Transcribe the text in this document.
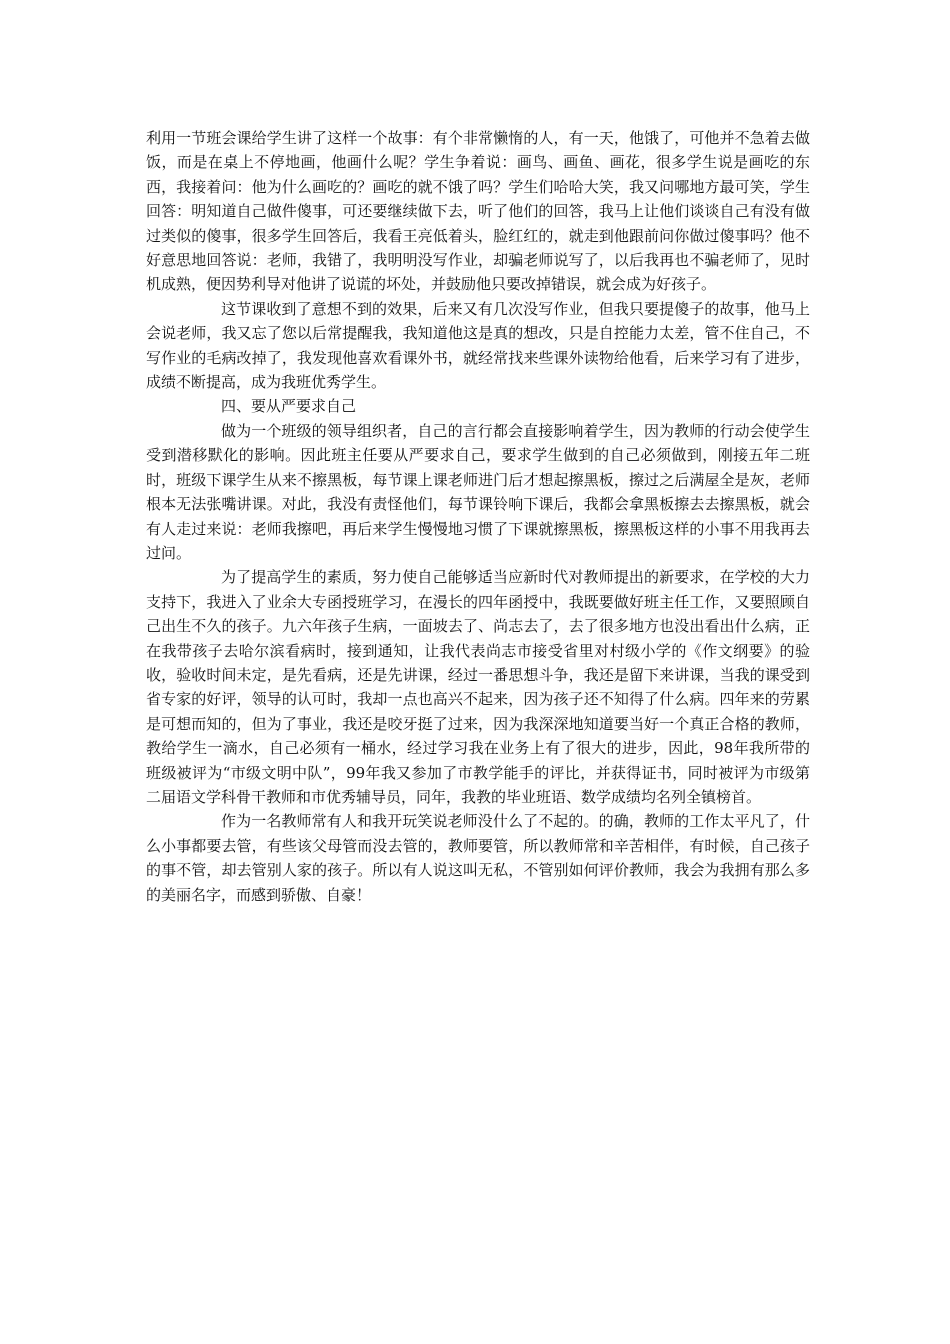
利用一节班会课给学生讲了这样一个故事：有个非常懒惰的人，有一天，他饿了，可他并不急着去做饭，而是在桌上不停地画，他画什么呢？学生争着说：画鸟、画鱼、画花，很多学生说是画吃的东西，我接着问：他为什么画吃的？画吃的就不饿了吗？学生们哈哈大笑，我又问哪地方最可笑，学生回答：明知道自己做件傻事，可还要继续做下去，听了他们的回答，我马上让他们谈谈自己有没有做过类似的傻事，很多学生回答后，我看王亮低着头，脸红红的，就走到他跟前问你做过傻事吗？他不好意思地回答说：老师，我错了，我明明没写作业，却骗老师说写了，以后我再也不骗老师了，见时机成熟，便因势利导对他讲了说谎的坏处，并鼓励他只要改掉错误，就会成为好孩子。

这节课收到了意想不到的效果，后来又有几次没写作业，但我只要提傻子的故事，他马上会说老师，我又忘了您以后常提醒我，我知道他这是真的想改，只是自控能力太差，管不住自己，不写作业的毛病改掉了，我发现他喜欢看课外书，就经常找来些课外读物给他看，后来学习有了进步，成绩不断提高，成为我班优秀学生。

四、要从严要求自己

做为一个班级的领导组织者，自己的言行都会直接影响着学生，因为教师的行动会使学生受到潜移默化的影响。因此班主任要从严要求自己，要求学生做到的自己必须做到，刚接五年二班时，班级下课学生从来不擦黑板，每节课上课老师进门后才想起擦黑板，擦过之后满屋全是灰，老师根本无法张嘴讲课。对此，我没有责怪他们，每节课铃响下课后，我都会拿黑板擦去去擦黑板，就会有人走过来说：老师我擦吧，再后来学生慢慢地习惯了下课就擦黑板，擦黑板这样的小事不用我再去过问。

为了提高学生的素质，努力使自己能够适当应新时代对教师提出的新要求，在学校的大力支持下，我进入了业余大专函授班学习，在漫长的四年函授中，我既要做好班主任工作，又要照顾自己出生不久的孩子。九六年孩子生病，一面坡去了、尚志去了，去了很多地方也没出看出什么病，正在我带孩子去哈尔滨看病时，接到通知，让我代表尚志市接受省里对村级小学的《作文纲要》的验收，验收时间未定，是先看病，还是先讲课，经过一番思想斗争，我还是留下来讲课，当我的课受到省专家的好评，领导的认可时，我却一点也高兴不起来，因为孩子还不知得了什么病。四年来的劳累是可想而知的，但为了事业，我还是咬牙挺了过来，因为我深深地知道要当好一个真正合格的教师，教给学生一滴水，自己必须有一桶水，经过学习我在业务上有了很大的进步，因此，98年我所带的班级被评为“市级文明中队”，99年我又参加了市教学能手的评比，并获得证书，同时被评为市级第二届语文学科骨干教师和市优秀辅导员，同年，我教的毕业班语、数学成绩均名列全镇榜首。

作为一名教师常有人和我开玩笑说老师没什么了不起的。的确，教师的工作太平凡了，什么小事都要去管，有些该父母管而没去管的，教师要管，所以教师常和辛苦相伴，有时候，自己孩子的事不管，却去管别人家的孩子。所以有人说这叫无私，不管别如何评价教师，我会为我拥有那么多的美丽名字，而感到骄傲、自豪！
